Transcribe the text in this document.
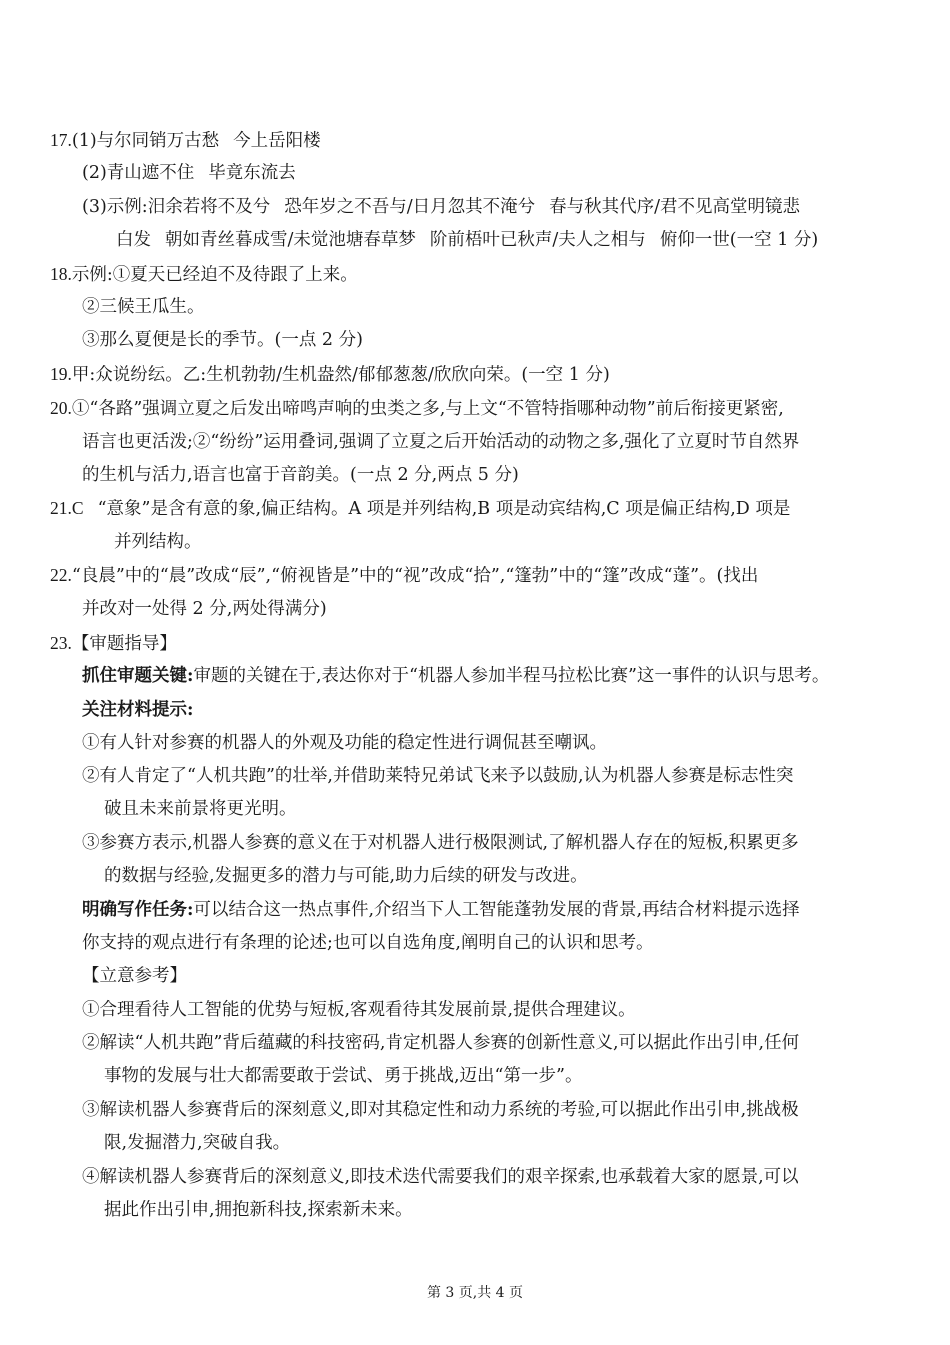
17.(1)与尔同销万古愁 今上岳阳楼
(2)青山遮不住 毕竟东流去
(3)示例:汨余若将不及兮 恐年岁之不吾与/日月忽其不淹兮 春与秋其代序/君不见高堂明镜悲
白发 朝如青丝暮成雪/未觉池塘春草梦 阶前梧叶已秋声/夫人之相与 俯仰一世(一空 1 分)
18.示例:①夏天已经迫不及待跟了上来。
②三候王瓜生。
③那么夏便是长的季节。(一点 2 分)
19.甲:众说纷纭。乙:生机勃勃/生机盎然/郁郁葱葱/欣欣向荣。(一空 1 分)
20.①“各路”强调立夏之后发出啼鸣声响的虫类之多,与上文“不管特指哪种动物”前后衔接更紧密,
语言也更活泼;②“纷纷”运用叠词,强调了立夏之后开始活动的动物之多,强化了立夏时节自然界
的生机与活力,语言也富于音韵美。(一点 2 分,两点 5 分)
21.C “意象”是含有意的象,偏正结构。A 项是并列结构,B 项是动宾结构,C 项是偏正结构,D 项是
并列结构。
22.“良晨”中的“晨”改成“辰”,“俯视皆是”中的“视”改成“拾”,“篷勃”中的“篷”改成“蓬”。(找出
并改对一处得 2 分,两处得满分)
23.【审题指导】
抓住审题关键:审题的关键在于,表达你对于“机器人参加半程马拉松比赛”这一事件的认识与思考。
关注材料提示:
①有人针对参赛的机器人的外观及功能的稳定性进行调侃甚至嘲讽。
②有人肯定了“人机共跑”的壮举,并借助莱特兄弟试飞来予以鼓励,认为机器人参赛是标志性突
破且未来前景将更光明。
③参赛方表示,机器人参赛的意义在于对机器人进行极限测试,了解机器人存在的短板,积累更多
的数据与经验,发掘更多的潜力与可能,助力后续的研发与改进。
明确写作任务:可以结合这一热点事件,介绍当下人工智能蓬勃发展的背景,再结合材料提示选择
你支持的观点进行有条理的论述;也可以自选角度,阐明自己的认识和思考。
【立意参考】
①合理看待人工智能的优势与短板,客观看待其发展前景,提供合理建议。
②解读“人机共跑”背后蕴藏的科技密码,肯定机器人参赛的创新性意义,可以据此作出引申,任何
事物的发展与壮大都需要敢于尝试、勇于挑战,迈出“第一步”。
③解读机器人参赛背后的深刻意义,即对其稳定性和动力系统的考验,可以据此作出引申,挑战极
限,发掘潜力,突破自我。
④解读机器人参赛背后的深刻意义,即技术迭代需要我们的艰辛探索,也承载着大家的愿景,可以
据此作出引申,拥抱新科技,探索新未来。
第 3 页,共 4 页
